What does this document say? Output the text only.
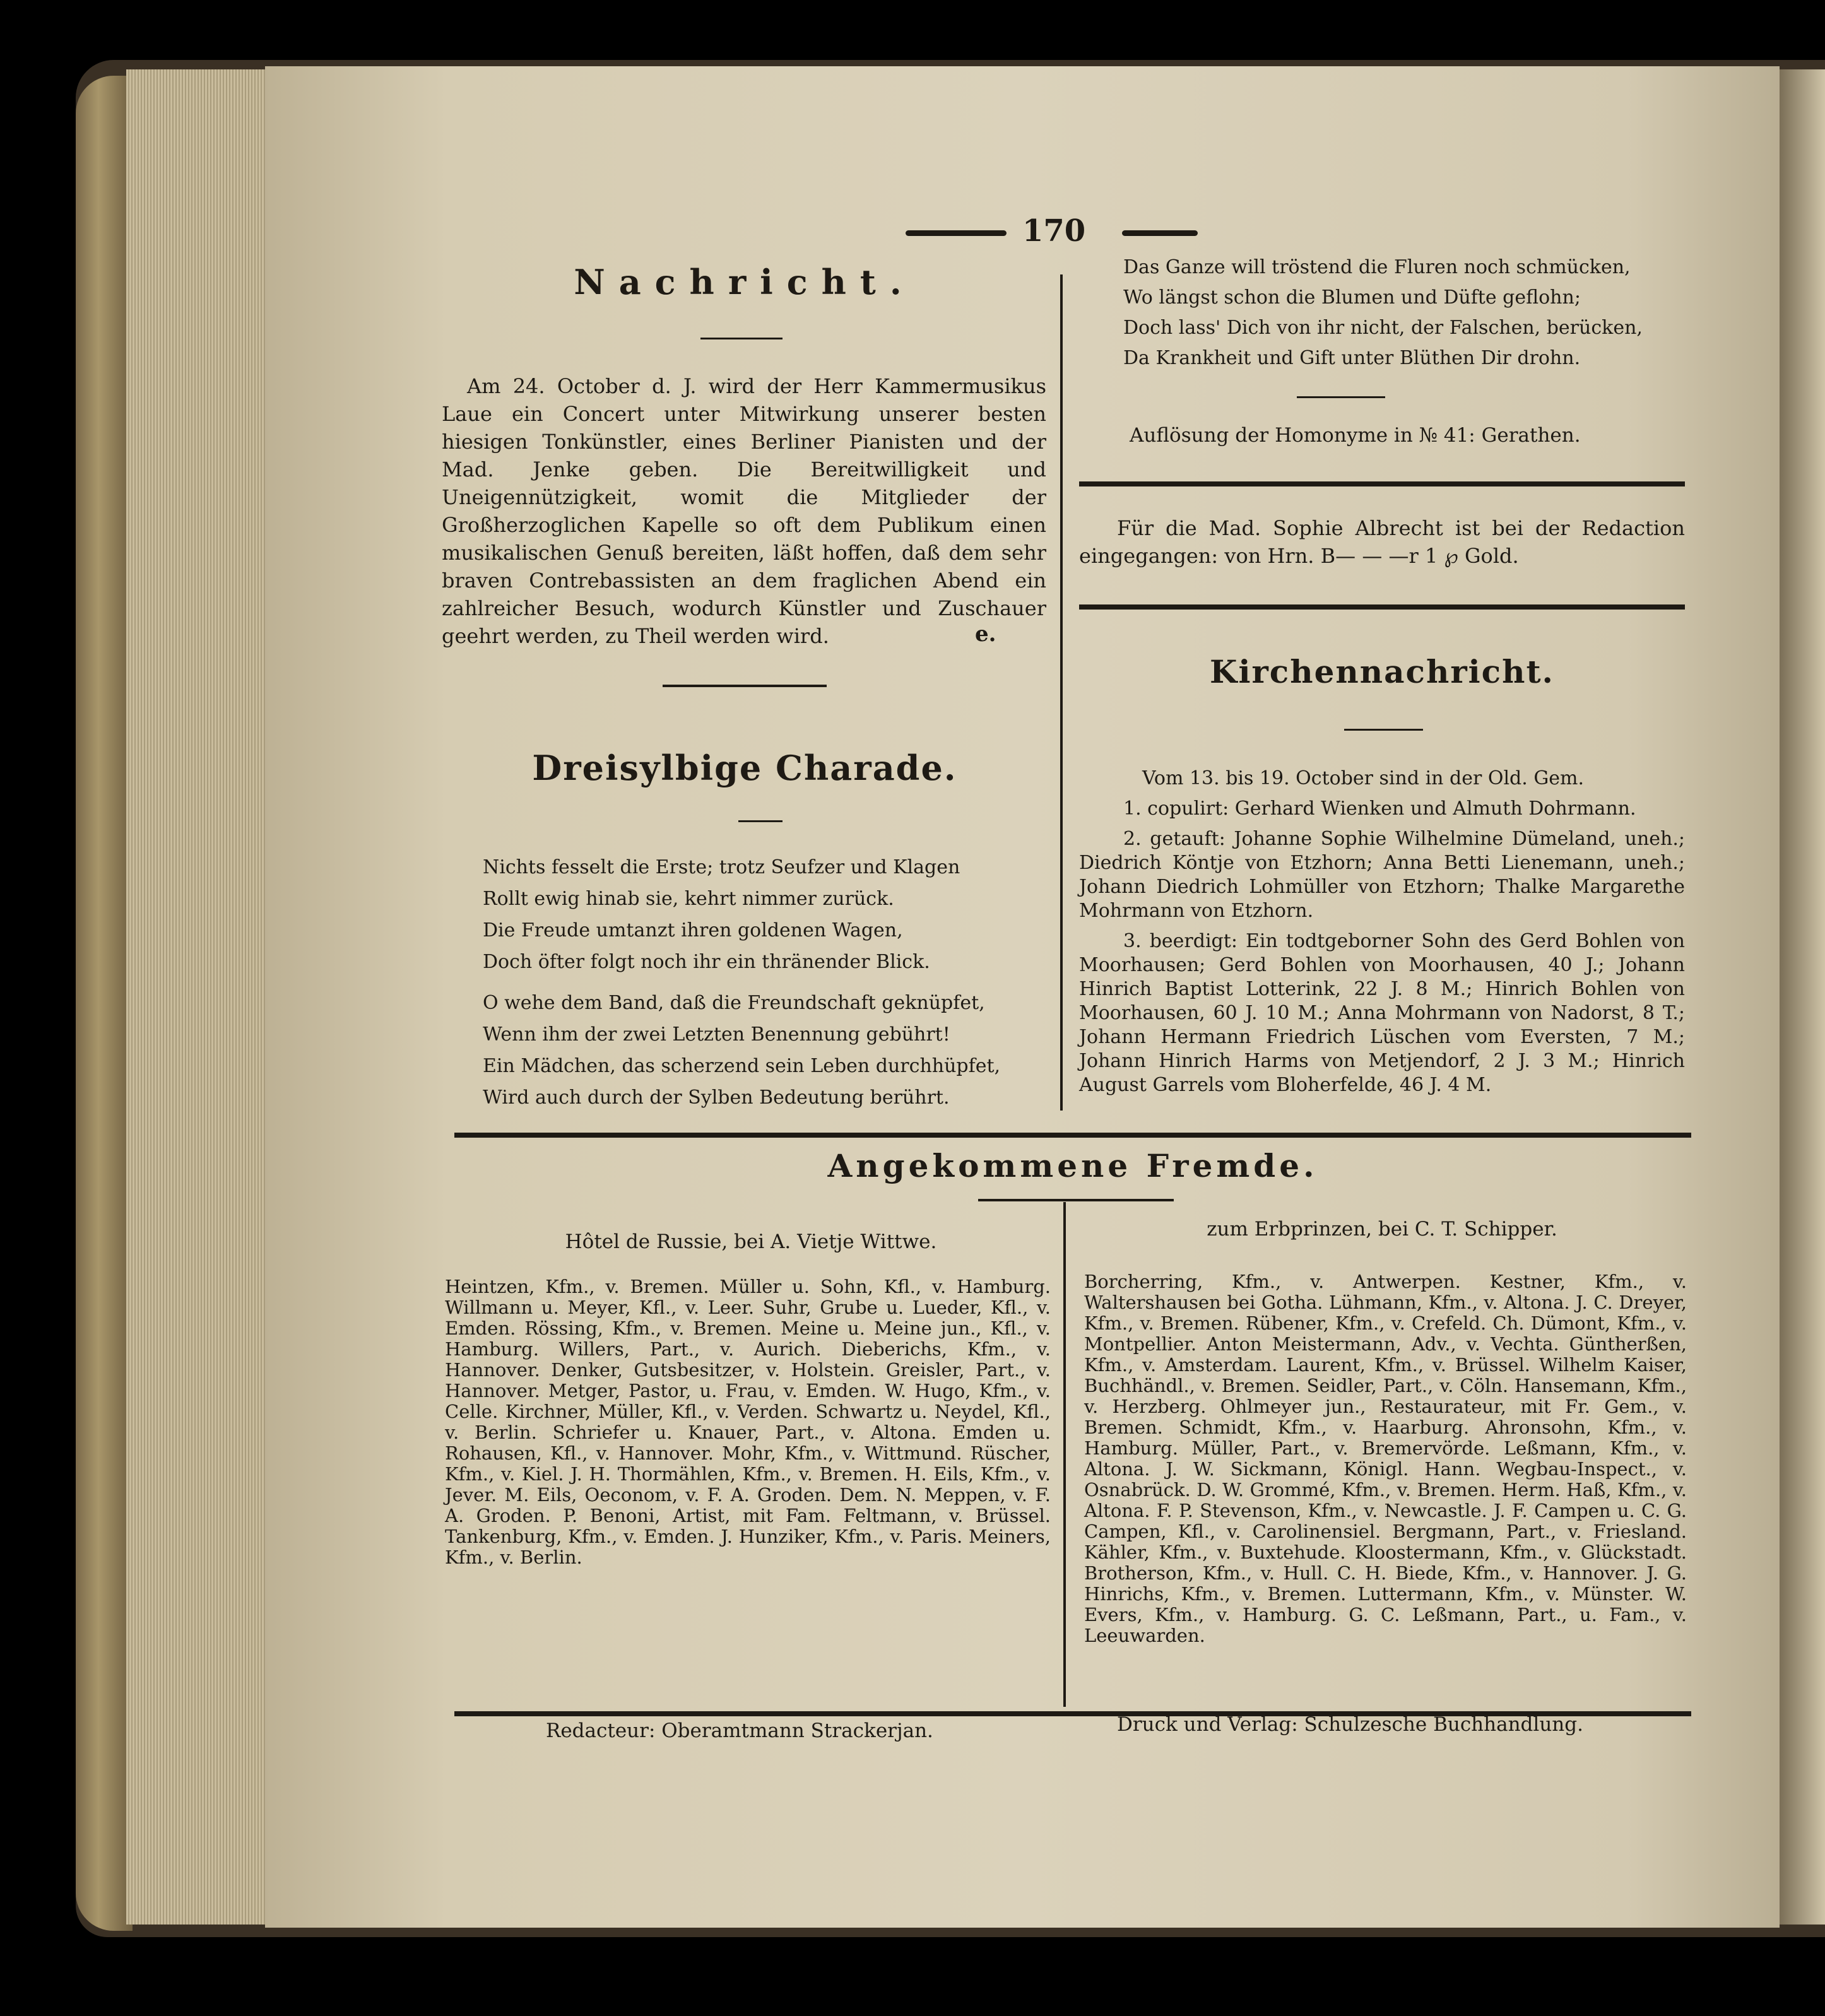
170
Nachricht.
Am 24. October d. J. wird der Herr Kammermusikus Laue ein Concert unter Mitwirkung unserer besten hiesigen Tonkünstler, eines Berliner Pianisten und der Mad. Jenke geben. Die Bereitwilligkeit und Uneigennützigkeit, womit die Mitglieder der Großherzoglichen Kapelle so oft dem Publikum einen musikalischen Genuß bereiten, läßt hoffen, daß dem sehr braven Contrebassisten an dem fraglichen Abend ein zahlreicher Besuch, wodurch Künstler und Zuschauer geehrt werden, zu Theil werden wird.	e.
Dreisylbige Charade.
Nichts fesselt die Erste; trotz Seufzer und Klagen
Rollt ewig hinab sie, kehrt nimmer zurück.
Die Freude umtanzt ihren goldenen Wagen,
Doch öfter folgt noch ihr ein thränender Blick.
O wehe dem Band, daß die Freundschaft geknüpfet,
Wenn ihm der zwei Letzten Benennung gebührt!
Ein Mädchen, das scherzend sein Leben durchhüpfet,
Wird auch durch der Sylben Bedeutung berührt.
Das Ganze will tröstend die Fluren noch schmücken,
Wo längst schon die Blumen und Düfte geflohn;
Doch lass' Dich von ihr nicht, der Falschen, berücken,
Da Krankheit und Gift unter Blüthen Dir drohn.
Auflösung der Homonyme in № 41: Gerathen.
Für die Mad. Sophie Albrecht ist bei der Redaction eingegangen: von Hrn. B— — —r 1 ℘ Gold.
Kirchennachricht.
Vom 13. bis 19. October sind in der Old. Gem.
1. copulirt: Gerhard Wienken und Almuth Dohrmann.
2. getauft: Johanne Sophie Wilhelmine Dümeland, uneh.; Diedrich Köntje von Etzhorn; Anna Betti Lienemann, uneh.; Johann Diedrich Lohmüller von Etzhorn; Thalke Margarethe Mohrmann von Etzhorn.
3. beerdigt: Ein todtgeborner Sohn des Gerd Bohlen von Moorhausen; Gerd Bohlen von Moorhausen, 40 J.; Johann Hinrich Baptist Lotterink, 22 J. 8 M.; Hinrich Bohlen von Moorhausen, 60 J. 10 M.; Anna Mohrmann von Nadorst, 8 T.; Johann Hermann Friedrich Lüschen vom Eversten, 7 M.; Johann Hinrich Harms von Metjendorf, 2 J. 3 M.; Hinrich August Garrels vom Bloherfelde, 46 J. 4 M.
Angekommene Fremde.
Hôtel de Russie, bei A. Vietje Wittwe.
Heintzen, Kfm., v. Bremen. Müller u. Sohn, Kfl., v. Hamburg. Willmann u. Meyer, Kfl., v. Leer. Suhr, Grube u. Lueder, Kfl., v. Emden. Rössing, Kfm., v. Bremen. Meine u. Meine jun., Kfl., v. Hamburg. Willers, Part., v. Aurich. Dieberichs, Kfm., v. Hannover. Denker, Gutsbesitzer, v. Holstein. Greisler, Part., v. Hannover. Metger, Pastor, u. Frau, v. Emden. W. Hugo, Kfm., v. Celle. Kirchner, Müller, Kfl., v. Verden. Schwartz u. Neydel, Kfl., v. Berlin. Schriefer u. Knauer, Part., v. Altona. Emden u. Rohausen, Kfl., v. Hannover. Mohr, Kfm., v. Wittmund. Rüscher, Kfm., v. Kiel. J. H. Thormählen, Kfm., v. Bremen. H. Eils, Kfm., v. Jever. M. Eils, Oeconom, v. F. A. Groden. Dem. N. Meppen, v. F. A. Groden. P. Benoni, Artist, mit Fam. Feltmann, v. Brüssel. Tankenburg, Kfm., v. Emden. J. Hunziker, Kfm., v. Paris. Meiners, Kfm., v. Berlin.
zum Erbprinzen, bei C. T. Schipper.
Borcherring, Kfm., v. Antwerpen. Kestner, Kfm., v. Waltershausen bei Gotha. Lühmann, Kfm., v. Altona. J. C. Dreyer, Kfm., v. Bremen. Rübener, Kfm., v. Crefeld. Ch. Dümont, Kfm., v. Montpellier. Anton Meistermann, Adv., v. Vechta. Güntherßen, Kfm., v. Amsterdam. Laurent, Kfm., v. Brüssel. Wilhelm Kaiser, Buchhändl., v. Bremen. Seidler, Part., v. Cöln. Hansemann, Kfm., v. Herzberg. Ohlmeyer jun., Restaurateur, mit Fr. Gem., v. Bremen. Schmidt, Kfm., v. Haarburg. Ahronsohn, Kfm., v. Hamburg. Müller, Part., v. Bremervörde. Leßmann, Kfm., v. Altona. J. W. Sickmann, Königl. Hann. Wegbau-Inspect., v. Osnabrück. D. W. Grommé, Kfm., v. Bremen. Herm. Haß, Kfm., v. Altona. F. P. Stevenson, Kfm., v. Newcastle. J. F. Campen u. C. G. Campen, Kfl., v. Carolinensiel. Bergmann, Part., v. Friesland. Kähler, Kfm., v. Buxtehude. Kloostermann, Kfm., v. Glückstadt. Brotherson, Kfm., v. Hull. C. H. Biede, Kfm., v. Hannover. J. G. Hinrichs, Kfm., v. Bremen. Luttermann, Kfm., v. Münster. W. Evers, Kfm., v. Hamburg. G. C. Leßmann, Part., u. Fam., v. Leeuwarden.
Redacteur: Oberamtmann Strackerjan.	Druck und Verlag: Schulzesche Buchhandlung.
